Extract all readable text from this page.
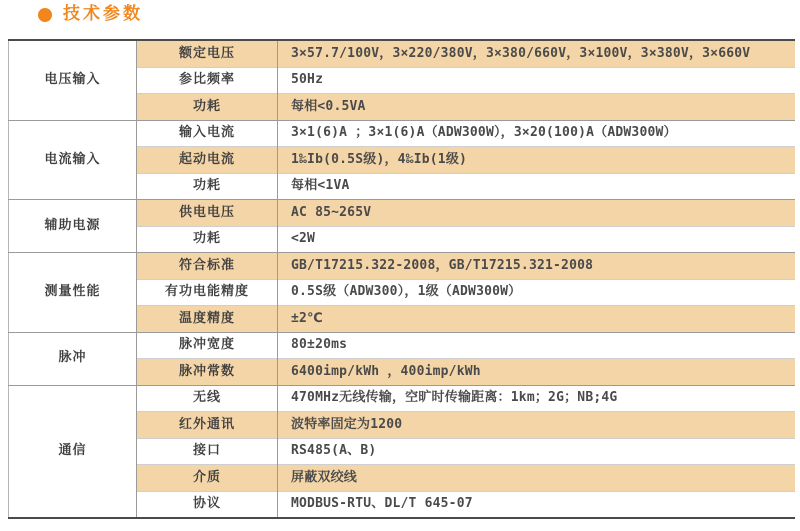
技术参数
电压输入	额定电压	3×57.7/100V，3×220/380V，3×380/660V，3×100V，3×380V，3×660V
	参比频率	50Hz
	功耗	每相<0.5VA
电流输入	输入电流	3×1(6)A ；3×1(6)A（ADW300W），3×20(100)A（ADW300W）
	起动电流	1‰Ib(0.5S级)，4‰Ib(1级)
	功耗	每相<1VA
辅助电源	供电电压	AC 85~265V
	功耗	<2W
测量性能	符合标准	GB/T17215.322-2008，GB/T17215.321-2008
	有功电能精度	0.5S级（ADW300），1级（ADW300W）
	温度精度	±2℃
脉冲	脉冲宽度	80±20ms
	脉冲常数	6400imp/kWh ，400imp/kWh
通信	无线	470MHz无线传输，空旷时传输距离：1km；2G；NB;4G
	红外通讯	波特率固定为1200
	接口	RS485(A、B)
	介质	屏蔽双绞线
	协议	MODBUS-RTU、DL/T 645-07
